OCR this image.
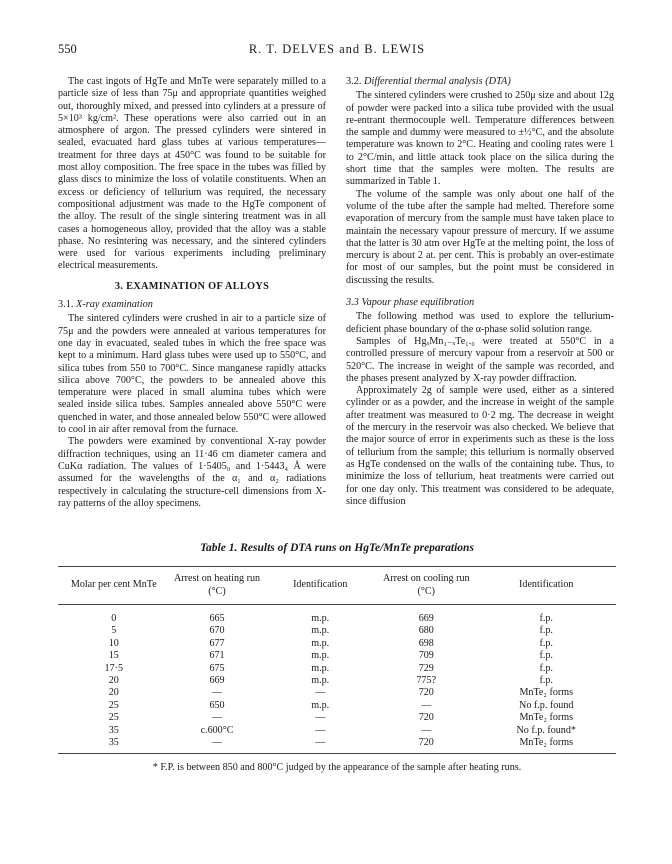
550	R. T. DELVES and B. LEWIS

The cast ingots of HgTe and MnTe were separately milled to a particle size of less than 75μ and appropriate quantities weighed out, thoroughly mixed, and pressed into cylinders at a pressure of 5×10³ kg/cm². These operations were also carried out in an atmosphere of argon. The pressed cylinders were sintered in sealed, evacuated hard glass tubes at various temperatures—treatment for three days at 450°C was found to be suitable for most alloy composition. The free space in the tubes was filled by glass discs to minimize the loss of volatile constituents. When an excess or deficiency of tellurium was required, the necessary compositional adjustment was made to the HgTe component of the alloy. The result of the single sintering treatment was in all cases a homogeneous alloy, provided that the alloy was a stable phase. No resintering was necessary, and the sintered cylinders were used for various experiments including preliminary electrical measurements.

3. EXAMINATION OF ALLOYS
3.1. X-ray examination

The sintered cylinders were crushed in air to a particle size of 75μ and the powders were annealed at various temperatures for one day in evacuated, sealed tubes in which the free space was kept to a minimum. Hard glass tubes were used up to 550°C, and silica tubes from 550 to 700°C. Since manganese rapidly attacks silica above 700°C, the powders to be annealed above this temperature were placed in small alumina tubes which were sealed inside silica tubes. Samples annealed above 550°C were quenched in water, and those annealed below 550°C were allowed to cool in air after removal from the furnace.

The powders were examined by conventional X-ray powder diffraction techniques, using an 11·46 cm diameter camera and CuKα radiation. The values of 1·5405₀ and 1·5443₄ Å were assumed for the wavelengths of the α₁ and α₂ radiations respectively in calculating the structure-cell dimensions from X-ray patterns of the alloy specimens.

3.2. Differential thermal analysis (DTA)

The sintered cylinders were crushed to 250μ size and about 12g of powder were packed into a silica tube provided with the usual re-entrant thermocouple well. Temperature differences between the sample and dummy were measured to ±½°C, and the absolute temperature was known to 2°C. Heating and cooling rates were 1 to 2°C/min, and little attack took place on the silica during the short time that the samples were molten. The results are summarized in Table 1.

The volume of the sample was only about one half of the volume of the tube after the sample had melted. Therefore some evaporation of mercury from the sample must have taken place to maintain the necessary vapour pressure of mercury. If we assume that the latter is 30 atm over HgTe at the melting point, the loss of mercury is about 2 at. per cent. This is probably an over-estimate for most of our samples, but the point must be considered in discussing the results.

3.3 Vapour phase equilibration

The following method was used to explore the tellurium-deficient phase boundary of the α-phase solid solution range.

Samples of HgₓMn₁₋ₓTe₁.₀ were treated at 550°C in a controlled pressure of mercury vapour from a reservoir at 500 or 520°C. The increase in weight of the sample was recorded, and the phases present analyzed by X-ray powder diffraction.

Approximately 2g of sample were used, either as a sintered cylinder or as a powder, and the increase in weight of the sample after treatment was measured to 0·2 mg. The decrease in weight of the mercury in the reservoir was also checked. We believe that the major source of error in experiments such as these is the loss of tellurium from the sample; this tellurium is normally observed as HgTe condensed on the walls of the containing tube. Thus, to minimize the loss of tellurium, heat treatments were carried out for one day only. This treatment was considered to be adequate, since diffusion

Table 1. Results of DTA runs on HgTe/MnTe preparations
Molar per cent MnTe	Arrest on heating run (°C)	Identification	Arrest on cooling run (°C)	Identification
0	665	m.p.	669	f.p.
5	670	m.p.	680	f.p.
10	677	m.p.	698	f.p.
15	671	m.p.	709	f.p.
17·5	675	m.p.	729	f.p.
20	669	m.p.	775?	f.p.
20	—	—	720	MnTe₂ forms
25	650	m.p.	—	No f.p. found
25	—	—	720	MnTe₂ forms
35	c.600°C	—	—	No f.p. found*
35	—	—	720	MnTe₂ forms
* F.P. is between 850 and 800°C judged by the appearance of the sample after heating runs.
